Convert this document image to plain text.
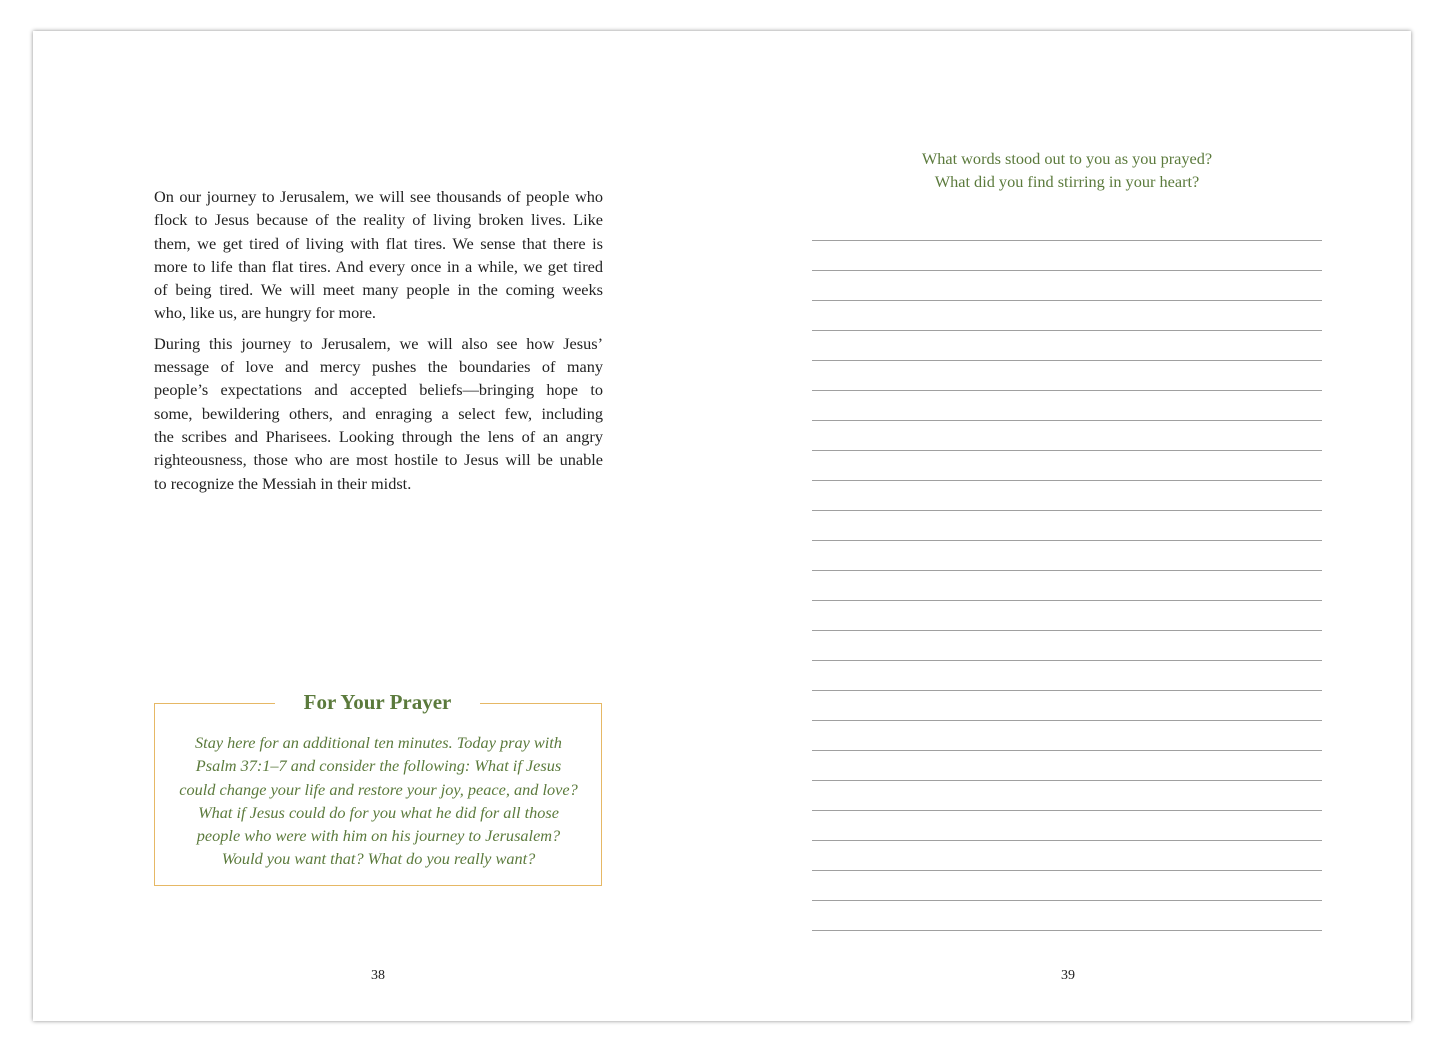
On our journey to Jerusalem, we will see thousands of people who
flock to Jesus because of the reality of living broken lives. Like
them, we get tired of living with flat tires. We sense that there is
more to life than flat tires. And every once in a while, we get tired
of being tired. We will meet many people in the coming weeks
who, like us, are hungry for more.
During this journey to Jerusalem, we will also see how Jesus’
message of love and mercy pushes the boundaries of many
people’s expectations and accepted beliefs—bringing hope to
some, bewildering others, and enraging a select few, including
the scribes and Pharisees. Looking through the lens of an angry
righteousness, those who are most hostile to Jesus will be unable
to recognize the Messiah in their midst.
For Your Prayer
Stay here for an additional ten minutes. Today pray with
Psalm 37:1–7 and consider the following: What if Jesus
could change your life and restore your joy, peace, and love?
What if Jesus could do for you what he did for all those
people who were with him on his journey to Jerusalem?
Would you want that? What do you really want?
38
What words stood out to you as you prayed?
What did you find stirring in your heart?
39
